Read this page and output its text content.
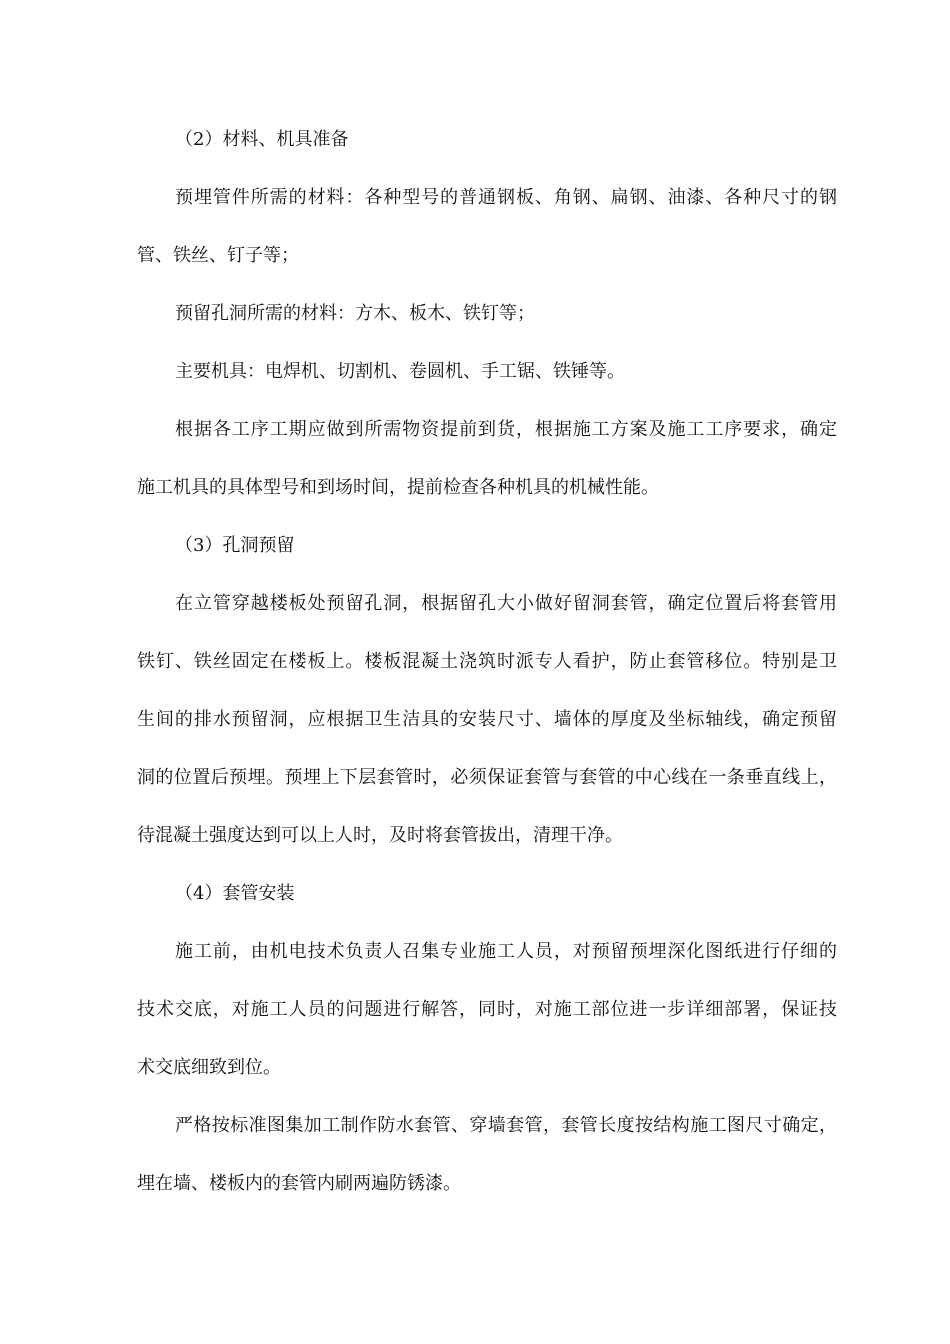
（2）材料、机具准备
预埋管件所需的材料：各种型号的普通钢板、角钢、扁钢、油漆、各种尺寸的钢
管、铁丝、钉子等；
预留孔洞所需的材料：方木、板木、铁钉等；
主要机具：电焊机、切割机、卷圆机、手工锯、铁锤等。
根据各工序工期应做到所需物资提前到货，根据施工方案及施工工序要求，确定
施工机具的具体型号和到场时间，提前检查各种机具的机械性能。
（3）孔洞预留
在立管穿越楼板处预留孔洞，根据留孔大小做好留洞套管，确定位置后将套管用
铁钉、铁丝固定在楼板上。楼板混凝土浇筑时派专人看护，防止套管移位。特别是卫
生间的排水预留洞，应根据卫生洁具的安装尺寸、墙体的厚度及坐标轴线，确定预留
洞的位置后预埋。预埋上下层套管时，必须保证套管与套管的中心线在一条垂直线上，
待混凝土强度达到可以上人时，及时将套管拔出，清理干净。
（4）套管安装
施工前，由机电技术负责人召集专业施工人员，对预留预埋深化图纸进行仔细的
技术交底，对施工人员的问题进行解答，同时，对施工部位进一步详细部署，保证技
术交底细致到位。
严格按标准图集加工制作防水套管、穿墙套管，套管长度按结构施工图尺寸确定，
埋在墙、楼板内的套管内刷两遍防锈漆。
